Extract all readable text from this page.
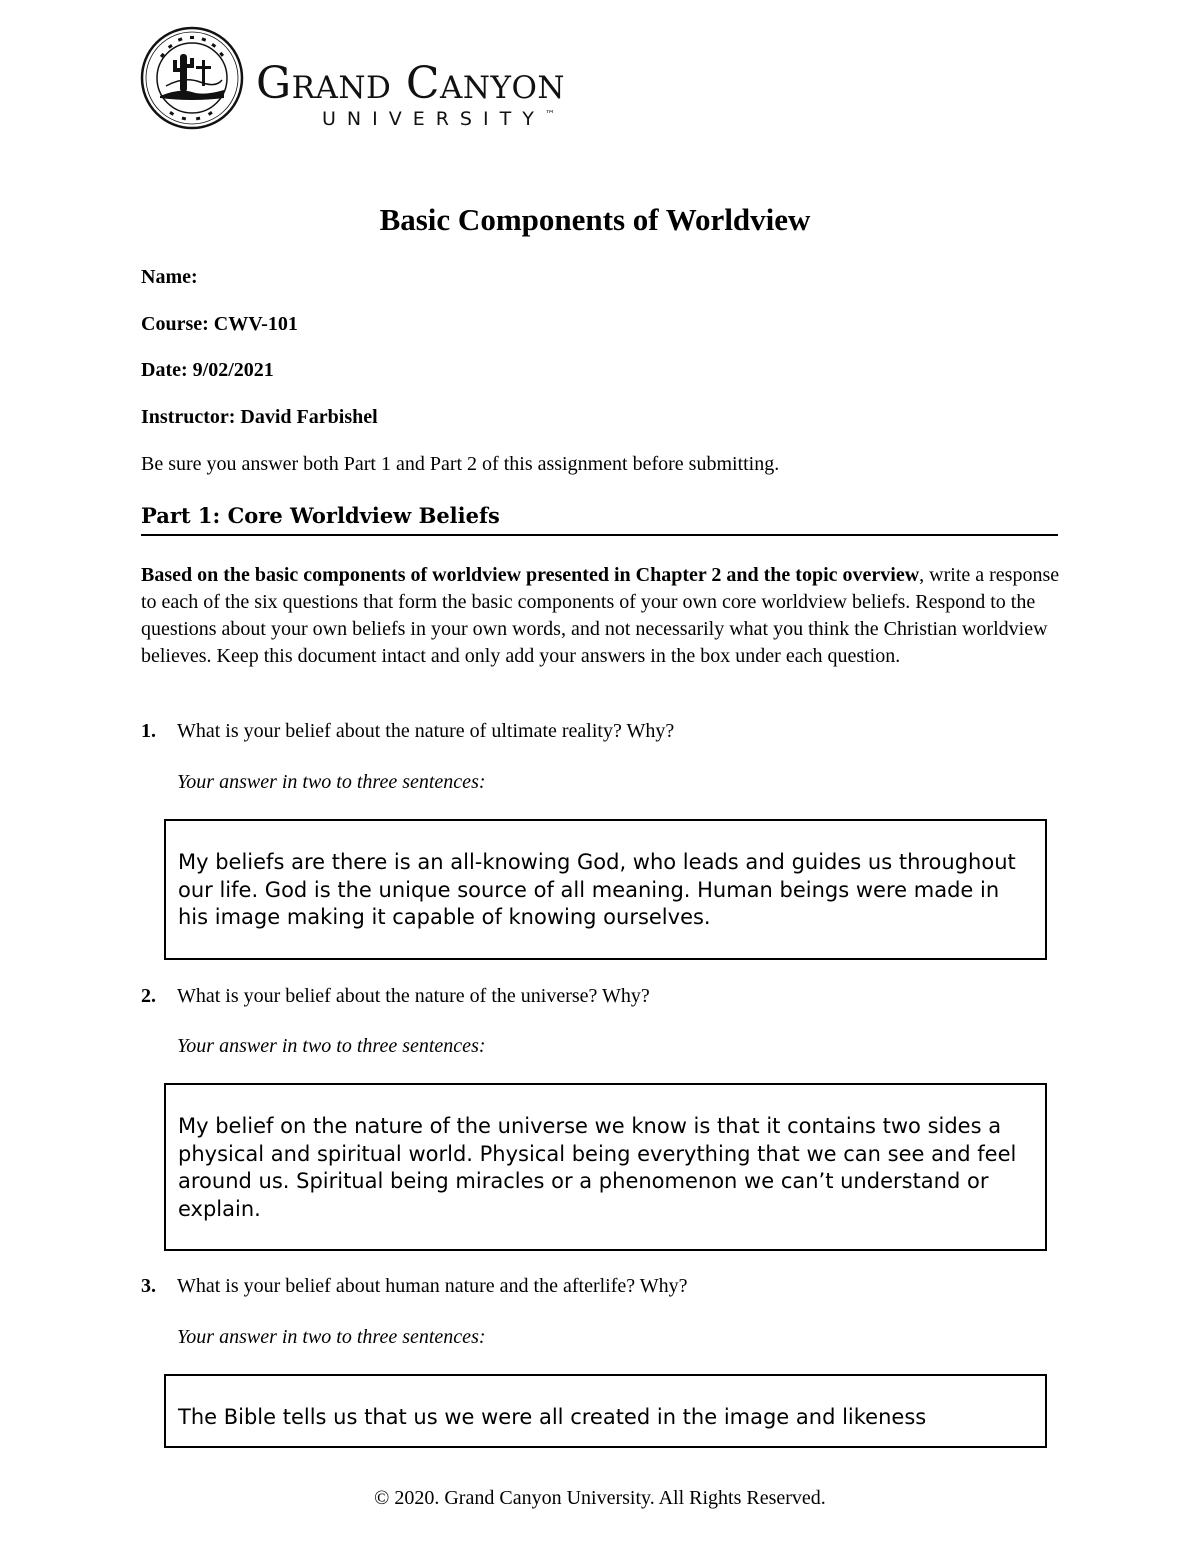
Grand Canyon
UNIVERSITY™
Basic Components of Worldview
Name:
Course: CWV-101
Date: 9/02/2021
Instructor: David Farbishel
Be sure you answer both Part 1 and Part 2 of this assignment before submitting.
Part 1: Core Worldview Beliefs
Based on the basic components of worldview presented in Chapter 2 and the topic overview, write a response to each of the six questions that form the basic components of your own core worldview beliefs. Respond to the questions about your own beliefs in your own words, and not necessarily what you think the Christian worldview believes. Keep this document intact and only add your answers in the box under each question.
1. What is your belief about the nature of ultimate reality? Why?
Your answer in two to three sentences:
My beliefs are there is an all-knowing God, who leads and guides us throughout our life. God is the unique source of all meaning. Human beings were made in his image making it capable of knowing ourselves.
2. What is your belief about the nature of the universe? Why?
Your answer in two to three sentences:
My belief on the nature of the universe we know is that it contains two sides a physical and spiritual world. Physical being everything that we can see and feel around us. Spiritual being miracles or a phenomenon we can’t understand or explain.
3. What is your belief about human nature and the afterlife? Why?
Your answer in two to three sentences:
The Bible tells us that us we were all created in the image and likeness
© 2020. Grand Canyon University. All Rights Reserved.
